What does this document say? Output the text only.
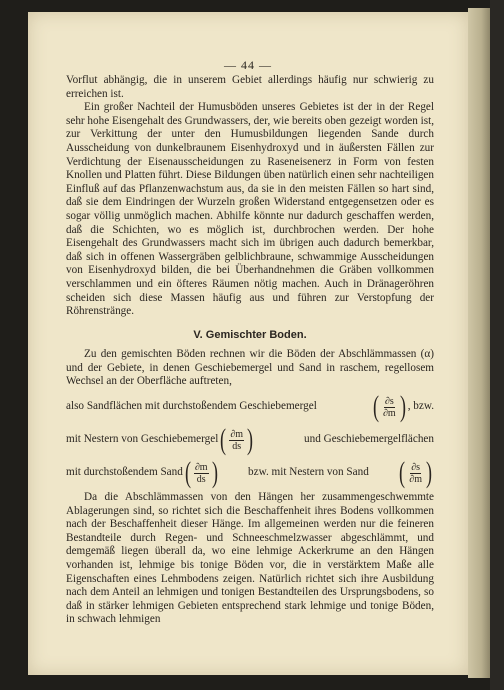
— 44 —

Vorflut abhängig, die in unserem Gebiet allerdings häufig nur schwierig zu erreichen ist.

Ein großer Nachteil der Humusböden unseres Gebietes ist der in der Regel sehr hohe Eisengehalt des Grundwassers, der, wie bereits oben gezeigt worden ist, zur Verkittung der unter den Humusbildungen liegenden Sande durch Ausscheidung von dunkelbraunem Eisenhydroxyd und in äußersten Fällen zur Verdichtung der Eisenausscheidungen zu Raseneisenerz in Form von festen Knollen und Platten führt. Diese Bildungen üben natürlich einen sehr nachteiligen Einfluß auf das Pflanzenwachstum aus, da sie in den meisten Fällen so hart sind, daß sie dem Eindringen der Wurzeln großen Widerstand entgegensetzen oder es sogar völlig unmöglich machen. Abhilfe könnte nur dadurch geschaffen werden, daß die Schichten, wo es möglich ist, durchbrochen werden. Der hohe Eisengehalt des Grundwassers macht sich im übrigen auch dadurch bemerkbar, daß sich in offenen Wassergräben gelblichbraune, schwammige Ausscheidungen von Eisenhydroxyd bilden, die bei Überhandnehmen die Gräben vollkommen verschlammen und ein öfteres Räumen nötig machen. Auch in Dränageröhren scheiden sich diese Massen häufig aus und führen zur Verstopfung der Röhrenstränge.

V. Gemischter Boden.

Zu den gemischten Böden rechnen wir die Böden der Abschlämmassen (α) und der Gebiete, in denen Geschiebemergel und Sand in raschem, regellosem Wechsel an der Oberfläche auftreten,

also Sandflächen mit durchstoßendem Geschiebemergel ( $\frac{\partial s}{\partial m}$ ) , bzw.
mit Nestern von Geschiebemergel ( $\frac{\partial m}{ds}$ )	und Geschiebemergelflächen
mit durchstoßendem Sand ( $\frac{\partial m}{ds}$ )	bzw. mit Nestern von Sand ( $\frac{\partial s}{\partial m}$ )

Da die Abschlämmassen von den Hängen her zusammengeschwemmte Ablagerungen sind, so richtet sich die Beschaffenheit ihres Bodens vollkommen nach der Beschaffenheit dieser Hänge. Im allgemeinen werden nur die feineren Bestandteile durch Regen- und Schneeschmelzwasser abgeschlämmt, und demgemäß liegen überall da, wo eine lehmige Ackerkrume an den Hängen vorhanden ist, lehmige bis tonige Böden vor, die in verstärktem Maße alle Eigenschaften eines Lehmbodens zeigen. Natürlich richtet sich ihre Ausbildung nach dem Anteil an lehmigen und tonigen Bestandteilen des Ursprungsbodens, so daß in stärker lehmigen Gebieten entsprechend stark lehmige und tonige Böden, in schwach lehmigen
